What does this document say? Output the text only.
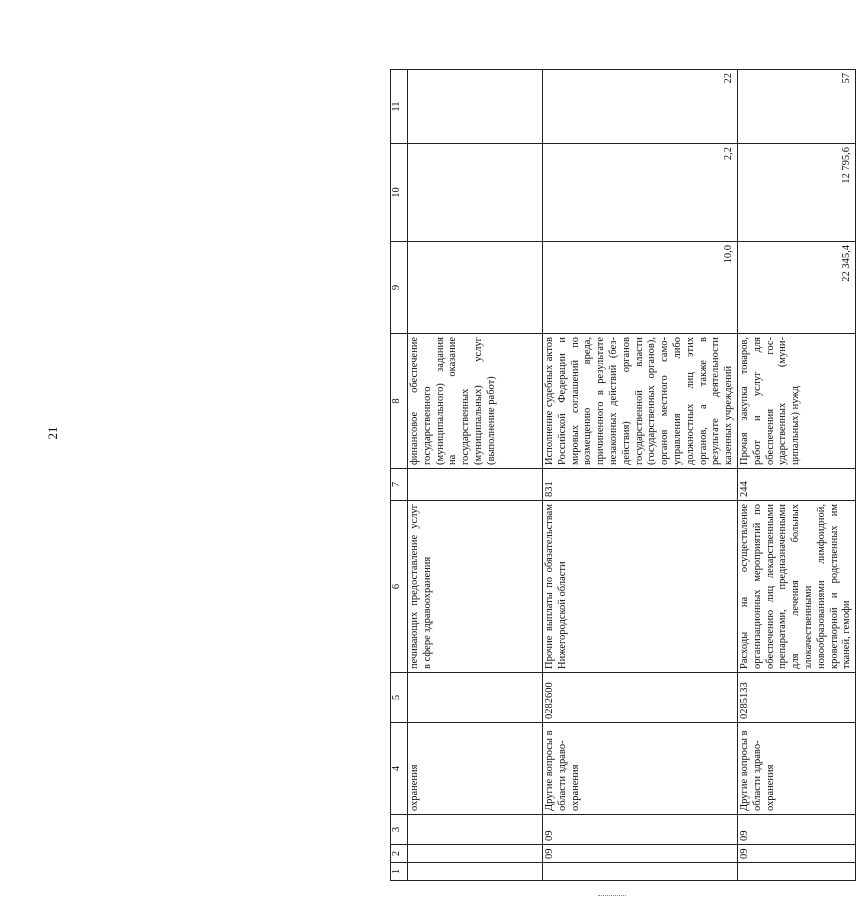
21
1	2	3	4	5	6	7	8	9	10	11
			охранения		печивающих предоставление услуг в сфере здравоохранения		финансовое обеспечение государственного (муниципального) задания на оказание государственных (муниципальных) услуг (выполнение работ)			
	09	09	Другие вопросы в области здравоохранения	0282600	Прочие выплаты по обязательствам Нижегородской области	831	Исполнение судебных актов Российской Федерации и мировых соглашений по возмещению вреда, причиненного в результате незаконных действий (бездействия) органов государственной власти (государственных органов), органов местного самоуправления либо должностных лиц этих органов, а также в результате деятельности казенных учреждений	10,0	2,2	22
	09	09	Другие вопросы в области здравоохранения	0285133	Расходы на осуществление организационных мероприятий по обеспечению лиц лекарственными препаратами, предназначенными для лечения больных злокачественными новообразованиями лимфоидной, кроветворной и родственных им тканей, гемофи	244	Прочая закупка товаров, работ и услуг для обеспечения государственных (муниципальных) нужд	22 345,4	12 795,6	57
